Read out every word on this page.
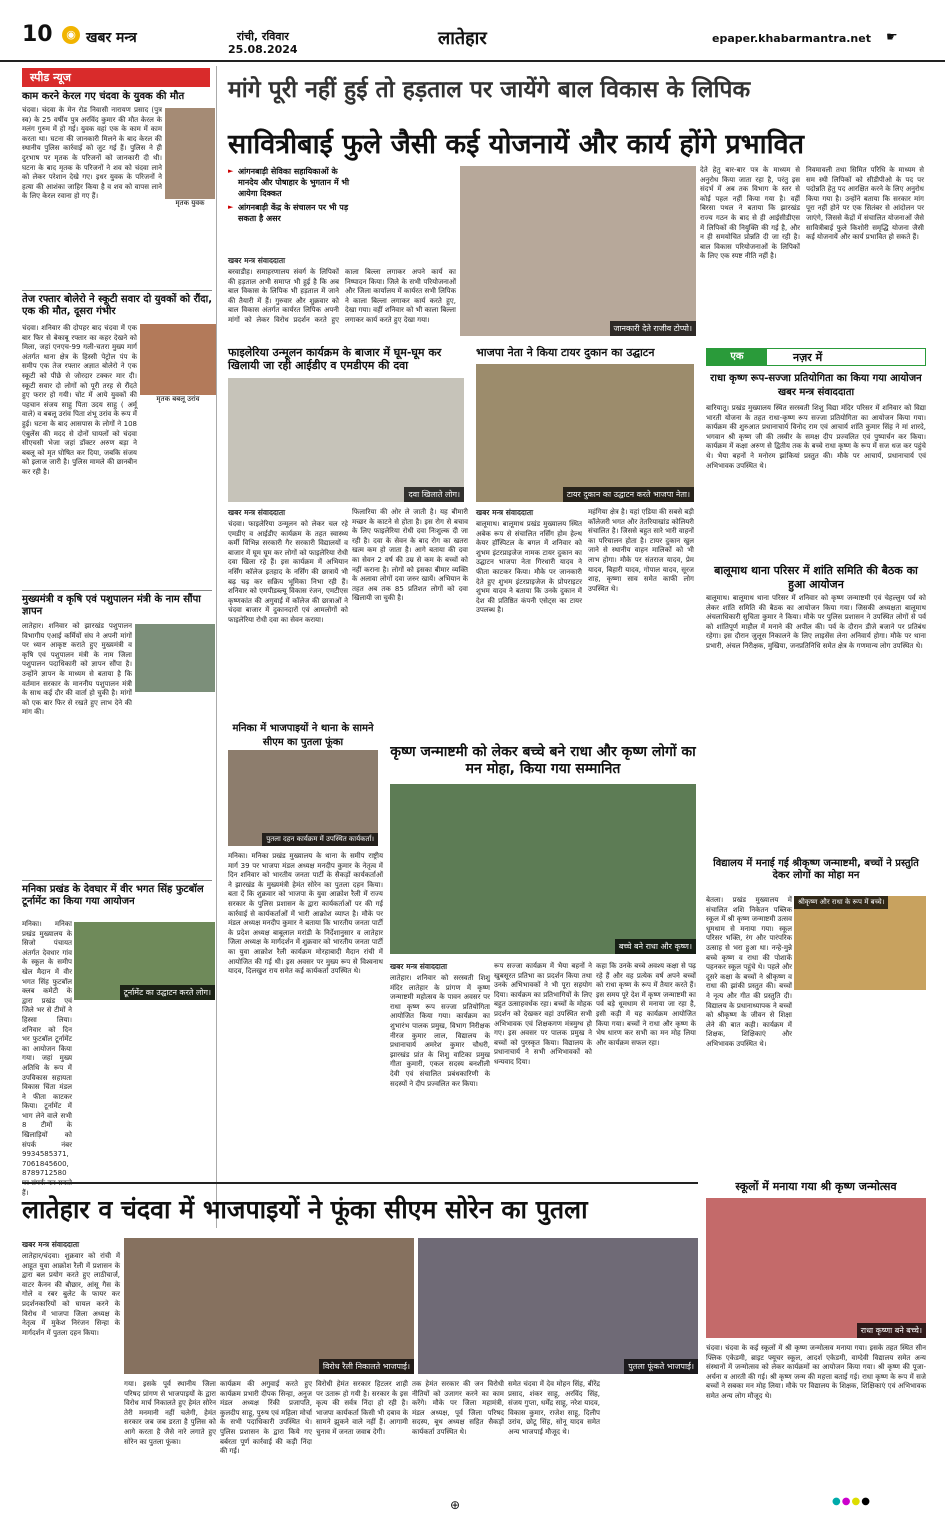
10	◉ खबर मन्त्र	रांची, रविवार
25.08.2024
लातेहार	epaper.khabarmantra.net ☛
स्पीड न्यूज
काम करने केरल गए चंदवा के युवक की मौत
चंदवा। चंदवा के मेन रोड निवासी नारायण प्रसाद (पुत्र स्व) के 25 वर्षीय पुत्र अरविंद कुमार की मौत केरल के मलंग गुरुम में हो गई। युवक वहां एक के काम में काम करता था। घटना की जानकारी मिलने के बाद केरल की स्थानीय पुलिस कार्रवाई को जुट गई हैं। पुलिस ने ही दुरभाष पर मृतक के परिजनों को जानकारी दी थी। घटना के बाद मृतक के परिजनों ने शव को चंदवा लाने को लेकर परेशान देखे गए। इधर युवक के परिजनों ने हत्या की आशंका जाहिर किया है व शव को वापस लाने के लिए केरल रवाना हो गए हैं।
मृतक युवक
तेज रफ्तार बोलेरो ने स्कूटी सवार दो युवकों को रौंदा, एक की मौत, दूसरा गंभीर
मृतक बबलू उरांव
चंदवा। शनिवार की दोपहर बाद चंदवा में एक बार फिर से बेकाबू रफ्तार का कहर देखने को मिला, जहां एनएच-99 गली-चतरा मुख्य मार्ग अंतर्गत थाना क्षेत्र के हिस्सी पेट्रोल पंप के समीप एक तेज रफ्तार अज्ञात बोलेरो ने एक स्कूटी को पीछे से जोरदार टक्कर मार दी। स्कूटी सवार दो लोगों को पूरी तरह से रौंदते हुए फरार हो गयी। चोट में आये युवकों की पहचान संजय साहु पिता उदय साहु ( अर्मू वाले) व बबलू उरांव पिता शंभू उरांव के रूप में हुई। घटना के बाद आसपास के लोगों ने 108 एंबुलेंस की मदद से दोनों घायलों को चंदवा सीएचसी भेजा जहां डॉक्टर अरुण बड़ा ने बबलू को मृत घोषित कर दिया, जबकि संजय को इलाज जारी है। पुलिस मामले की छानबीन कर रही है।
मुख्यमंत्री व कृषि एवं पशुपालन मंत्री के नाम सौंपा ज्ञापन
लातेहार। शनिवार को झारखंड पशुपालन विभागीय एआई कर्मियों संघ ने अपनी मांगों पर ध्यान आकृष्ट कराते हुए मुख्यमंत्री व कृषि एवं पशुपालन मंत्री के नाम जिला पशुपालन पदाधिकारी को ज्ञापन सौंपा है। उन्होंने ज्ञापन के माध्यम से बताया है कि वर्तमान सरकार के माननीय पशुपालन मंत्री के साथ कई दौर की वार्ता हो चुकी है। मांगों को एक बार फिर से रखते हुए लाभ देने की मांग की।
मनिका प्रखंड के देवघार में वीर भगत सिंह फुटबॉल टूर्नामेंट का किया गया आयोजन
मनिका। मनिका प्रखंड मुख्यालय के सिजो पंचायत अंतर्गत देवधार गांव के स्कूल के समीप खेल मैदान में वीर भगत सिंह फुटबॉल क्लब कमेटी के द्वारा प्रखंड एवं जिले भर से टीमों ने हिस्सा लिया। शनिवार को दिन भर फुटबॉल टूर्नामेंट का आयोजन किया गया। जहां मुख्य अतिथि के रूप में उपविकास सहायता विकास चिंता मंडल ने फीता काटकर किया। टूर्नामेंट में भाग लेने वाले सभी 8 टीमों के खिलाड़ियों को संपर्क नंबर 9934585371, 7061845600, 8789712580 पर संपर्क कर सकते हैं।
टूर्नामेंट का उद्घाटन करते लोग।
मांगे पूरी नहीं हुई तो हड़ताल पर जायेंगे बाल विकास के लिपिक
सावित्रीबाई फुले जैसी कई योजनायें और कार्य होंगे प्रभावित
► आंगनबाड़ी सेविका सहायिकाओं के मानदेय और पोषाहार के भुगतान में भी आयेगा दिक्कत
► आंगनबाड़ी केंद्र के संचालन पर भी पड़ सकता है असर
खबर मन्त्र संवाददाता
बरवाडीह। समाहरणालय संवर्ग के लिपिकों की हड़ताल अभी समाप्त भी हुई है कि अब बाल विकास के लिपिक भी हड़ताल में जाने की तैयारी में हैं। गुरुवार और शुक्रवार को बाल विकास अंतर्गत कार्यरत लिपिक अपनी मांगों को लेकर विरोध प्रदर्शन करते हुए काला बिल्ला लगाकर अपने कार्य का निष्पादन किया। जिले के सभी परियोजनाओं और जिला कार्यालय में कार्यरत सभी लिपिक ने काला बिल्ला लगाकर कार्य करते हुए, देखा गया। वहीं शनिवार को भी काला बिल्ला लगाकर कार्य करते हुए देखा गया।
जानकारी देते राजीव टोप्पो।
देते हेतु बार-बार पत्र के माध्यम से अनुरोध किया जाता रहा है, परंतु इस संदर्भ में अब तक विभाग के स्तर से कोई पहल नहीं किया गया है। वहीं बिरसा पथल ने बताया कि झारखंड राज्य गठन के बाद से ही आईसीडीएस में लिपिकों की नियुक्ति की गई है, और न ही समयोचित प्रोन्नति दी जा रही है। बाल विकास परियोजनाओं के लिपिकों के लिए एक स्पष्ट नीति नहीं है।
निवमावली तथा सिमित परिधि के माध्यम से सम स्थी लिपिकों को सीडीपीओ के पद पर पदोन्नति हेतु पद आरक्षित करने के लिए अनुरोध किया गया है। उन्होंने बताया कि सरकार मांग पूरा नहीं होने पर एक सितंबर से आंदोलन पर जाएंगे, जिससे केंद्रों में संचालित योजनाओं जैसे सावित्रीबाई फुले किशोरी समृद्धि योजना जैसी कई योजनायें और कार्य प्रभावित हो सकते हैं।
फाइलेरिया उन्मूलन कार्यक्रम के बाजार में घूम-घूम कर खिलायी जा रही आईडीए व एमडीएम की दवा
दवा खिलाते लोग।
खबर मन्त्र संवाददाता
चंदवा। फाइलेरिया उन्मूलन को लेकर चल रहे एमडीए व आईडीए कार्यक्रम के तहत स्वास्थ्य कर्मी विभिन्न सरकारी गैर सरकारी विद्यालयों व बाजार में घूम घूम कर लोगों को फाइलेरिया रोधी दवा खिला रहे हैं। इस कार्यक्रम में अभियान नर्सिंग कॉलेज इतहाद के नर्सिंग की छात्रायें भी बढ़ चढ़ कर सक्रिय भूमिका निभा रही हैं। शनिवार को एमपीडब्ल्यू विकास रंजन, एमटीएस कृष्णकांत की अगुवाई में कॉलेज की छात्राओं ने चंदवा बाजार में दुकानदारों एवं आमलोगों को फाइलेरिया रोधी दवा का सेवन कराया।
फिलारिया की ओर ले जाती है। यह बीमारी मच्छर के काटने से होता है। इस रोग से बचाव के लिए फाइलेरिया रोधी दवा निःशुल्क दी जा रही है। दवा के सेवन के बाद रोग का खतरा खत्म कम हो जाता है। आगे बताया की दवा का सेवन 2 वर्ष की उम्र से कम के बच्चों को नहीं कराना है। लोगों को इसका बीमार व्यक्ति के अलावा लोगों दवा जरुर खायें। अभियान के तहत अब तक 85 प्रतिशत लोगों को दवा खिलायी जा चुकी है।
भाजपा नेता ने किया टायर दुकान का उद्घाटन
टायर दुकान का उद्घाटन करते भाजपा नेता।
खबर मन्त्र संवाददाता
बालूमाथ। बालूमाथ प्रखंड मुख्यालय स्थित अबेक रूप से संचालित नर्सिंग होम हेल्थ केयर हॉस्पिटल के बगल में शनिवार को शुभम इंटरप्राइजेज नामक टायर दुकान का उद्घाटन भाजपा नेता गिरधारी यादव ने फीता काटकर किया। मौके पर जानकारी देते हुए शुभम इंटरप्राइजेज के प्रोपराइटर शुभम यादव ने बताया कि उनके दुकान में देश की प्रतिष्ठित कंपनी एसेट्स का टायर उपलब्ध है।
महंगिया क्षेत्र है। यहां एडिया की सबसे बड़ी कॉलेजरी भगत और तेतरियाखांड कोलियरी संचालित है। जिससे बहुत सारे भारी वाहनों का परिचालन होता है। टायर दुकान खुल जाने से स्थानीय वाहन मालिकों को भी लाभ होगा। मौके पर संतराज यादव, प्रेम यादव, बिहारी यादव, गोपाल यादव, सूरज शाह, कृष्णा साव समेत काफी लोग उपस्थित थे।
मनिका में भाजपाइयों ने थाना के सामने सीएम का पुतला फूंका
पुतला दहन कार्यक्रम में उपस्थित कार्यकर्ता।
मनिका। मनिका प्रखंड मुख्यालय के थाना के समीप राष्ट्रीय मार्ग 39 पर भाजपा मंडल अध्यक्ष मनदीप कुमार के नेतृत्व में दिन शनिवार को भारतीय जनता पार्टी के सैकड़ों कार्यकर्ताओं ने झारखंड के मुख्यमंत्री हेमंत सोरेन का पुतला दहन किया। बता दें कि शुक्रवार को भाजपा के युवा आक्रोश रैली में राज्य सरकार के पुलिस प्रशासन के द्वारा कार्यकर्ताओं पर की गई कार्रवाई से कार्यकर्ताओं में भारी आक्रोश व्याप्त है। मौके पर मंडल अध्यक्ष मनदीप कुमार ने बताया कि भारतीय जनता पार्टी के प्रदेश अध्यक्ष बाबूलाल मरांडी के निर्देशानुसार व लातेहार जिला अध्यक्ष के मार्गदर्शन में शुक्रवार को भारतीय जनता पार्टी का युवा आक्रोश रैली कार्यक्रम मोरहाबादी मैदान रांची में आयोजित की गई थी। इस अवसर पर मुख्य रूप से विश्वनाथ यादव, दिलखुश राय समेत कई कार्यकर्ता उपस्थित थे।
कृष्ण जन्माष्टमी को लेकर बच्चे बने राधा और कृष्ण लोगों का मन मोहा, किया गया सम्मानित
बच्चे बने राधा और कृष्ण।
खबर मन्त्र संवाददाता
लातेहार। शनिवार को सरस्वती शिशु मंदिर लातेहार के प्रांगण में कृष्ण जन्माष्टमी महोत्सव के पावन अवसर पर राधा कृष्ण रूप सज्जा प्रतियोगिता आयोजित किया गया। कार्यक्रम का शुभारंभ पालक प्रमुख, विभाग निरीक्षक नीरज कुमार लाल, विद्यालय के प्रधानाचार्य अमरेश कुमार चौधरी, झारखंड प्रांत के शिशु वाटिका प्रमुख गीता कुमारी, एकल सदस्य बनशीली देवी एवं संचालित प्रबंधकारिणी के सदस्यों ने दीप प्रज्वलित कर किया।
रूप सज्जा कार्यक्रम में भैया बहनों ने खुबसूरत प्रतिभा का प्रदर्शन किया तथा उनके अभिभावकों ने भी पूरा सहयोग दिया। कार्यक्रम का प्रतिभागियों के लिए बहुत उत्साहवर्धक रहा। बच्चों के मोहक प्रदर्शन को देखकर वहां उपस्थित सभी अभिभावक एवं शिक्षकगण मंत्रमुग्ध हो गए। इस अवसर पर पालक प्रमुख ने बच्चों को पुरस्कृत किया। विद्यालय के प्रधानाचार्य ने सभी अभिभावकों को धन्यवाद दिया।
कहा कि उनके बच्चे अवश्य कक्षा से पढ़ रहे हैं और वह प्रत्येक वर्ष अपने बच्चों को राधा कृष्ण के रूप में तैयार करते हैं। इस समय पूरे देश में कृष्ण जन्माष्टमी का पर्व बड़े धूमधाम से मनाया जा रहा है, इसी कड़ी में यह कार्यक्रम आयोजित किया गया। बच्चों ने राधा और कृष्ण के भेष धारण कर सभी का मन मोह लिया और कार्यक्रम सफल रहा।
एक	नज़र में
राधा कृष्ण रूप-सज्जा प्रतियोगिता का किया गया आयोजन खबर मन्त्र संवाददाता
बारियातू। प्रखंड मुख्यालय स्थित सरस्वती शिशु विद्या मंदिर परिसर में शनिवार को विद्या भारती योजना के तहत राधा-कृष्ण रूप सज्जा प्रतियोगिता का आयोजन किया गया। कार्यक्रम की शुरुआत प्रधानाचार्य विनोद राम एवं आचार्य शांति कुमार सिंह ने मां शारदे, भगवान श्री कृष्ण जी की तस्वीर के समक्ष दीप प्रज्वलित एवं पुष्पार्चन कर किया। कार्यक्रम में कक्षा अरुण से द्वितीय तक के बच्चे राधा कृष्ण के रूप में सज धज कर पहुंचे थे। भैया बहनों ने मनोरम झांकियां प्रस्तुत की। मौके पर आचार्य, प्रधानाचार्य एवं अभिभावक उपस्थित थे।
बालूमाथ थाना परिसर में शांति समिति की बैठक का हुआ आयोजन
बालूमाथ। बालूमाथ थाना परिसर में शनिवार को कृष्ण जन्माष्टमी एवं चेहल्लुम पर्व को लेकर शांति समिति की बैठक का आयोजन किया गया। जिसकी अध्यक्षता बालूमाथ अंचलाधिकारी सुचिता कुमार ने किया। मौके पर पुलिस प्रशासन ने उपस्थित लोगों से पर्व को शांतिपूर्ण माहौल में मनाने की अपील की। पर्व के दौरान डीजे बजाने पर प्रतिबंध रहेगा। इस दौरान जुलूस निकालने के लिए लाइसेंस लेना अनिवार्य होगा। मौके पर थाना प्रभारी, अंचल निरीक्षक, मुखिया, जनप्रतिनिधि समेत क्षेत्र के गणमान्य लोग उपस्थित थे।
विद्यालय में मनाई गई श्रीकृष्ण जन्माष्टमी, बच्चों ने प्रस्तुति देकर लोगों का मोहा मन
बेतला। प्रखंड मुख्यालय में संचालित शशि निकेतन पब्लिक स्कूल में श्री कृष्ण जन्माष्टमी उत्सव धूमधाम से मनाया गया। स्कूल परिसर भक्ति, रंग और पारंपरिक उत्साह से भरा हुआ था। नन्हे-मुन्ने बच्चे कृष्ण व राधा की पोशाकें पहनकर स्कूल पहुंचे थे। पहले और दूसरे कक्षा के बच्चों ने श्रीकृष्ण व राधा की झांकी प्रस्तुत की। बच्चों ने नृत्य और गीत की प्रस्तुति दी। विद्यालय के प्रधानाध्यापक ने बच्चों को श्रीकृष्ण के जीवन से शिक्षा लेने की बात कही। कार्यक्रम में शिक्षक, शिक्षिकाएं और अभिभावक उपस्थित थे।
श्रीकृष्ण और राधा के रूप में बच्चे।
स्कूलों में मनाया गया श्री कृष्ण जन्मोत्सव
राधा कृष्णा बने बच्चे।
चंदवा। चंदवा के कई स्कूलों में श्री कृष्ण जन्मोत्सव मनाया गया। इसके तहत स्थित सीन फ्लिक एकेडमी, ब्राइट फ्यूचर स्कूल, आदर्श एकेडमी, वाग्देवी विद्यालय समेत अन्य संस्थानों में जन्मोत्सव को लेकर कार्यक्रमों का आयोजन किया गया। श्री कृष्ण की पूजा-अर्चना व आरती की गई। श्री कृष्ण जन्म की महत्ता बताई गई। राधा कृष्ण के रूप में सजे बच्चों ने सबका मन मोह लिया। मौके पर विद्यालय के शिक्षक, शिक्षिकाएं एवं अभिभावक समेत अन्य लोग मौजूद थे।
लातेहार व चंदवा में भाजपाइयों ने फूंका सीएम सोरेन का पुतला
खबर मन्त्र संवाददाता
लातेहार/चंदवा। शुक्रवार को रांची में आहूत युवा आक्रोश रैली में प्रशासन के द्वारा बल प्रयोग करते हुए लाठीचार्ज, वाटर कैनन की बौछार, आंसू गैस के गोले व रबर बुलेट के फायर कर प्रदर्शनकारियों को घायल करने के विरोध में भाजपा जिला अध्यक्ष के नेतृत्व में मुकेश निरंजन सिन्हा के मार्गदर्शन में पुतला दहन किया।
विरोध रैली निकालते भाजपाई।	पुतला फूंकते भाजपाई।
गया। इसके पूर्व स्थानीय जिला परिषद प्रांगण से भाजपाइयों के द्वारा विरोध मार्च निकालते हुए हेमंत सोरेन तेरी मनमानी नहीं चलेगी, हेमंत सरकार जब जब डरता है पुलिस को आगे करता है जैसे नारे लगाते हुए सोरेन का पुतला फूंका।
कार्यक्रम की अगुवाई करते हुए कार्यक्रम प्रभारी दीपक सिन्हा, अनुज मंडल अध्यक्ष रिंकी प्रजापति, कुलदीप साहू, पुरुष एवं महिला मोर्चा के सभी पदाधिकारी उपस्थित थे। पुलिस प्रशासन के द्वारा किये गए बर्बरता पूर्ण कार्रवाई की कड़ी निंदा की गई।
विरोधी हेमंत सरकार हिटलर शाही पर उतारू हो गयी है। सरकार के इस कृत्य की सर्वत्र निंदा हो रही है। भाजपा कार्यकर्ता किसी भी दबाव के सामने झुकने वाले नहीं हैं। आगामी चुनाव में जनता जवाब देगी।
तक हेमंत सरकार की जन विरोधी नीतियों को उजागर करने का काम करेंगे। मौके पर जिला महामंत्री, मंडल अध्यक्ष, पूर्व जिला परिषद सदस्य, बूथ अध्यक्ष सहित सैकड़ों कार्यकर्ता उपस्थित थे।
समेत चंदवा में देव मोहन सिंह, बीरेंद्र प्रसाद, शंकर साहू, अरविंद सिंह, संजय गुप्ता, धर्मेंद्र साहू, नरेश यादव, विकास कुमार, राजेश साहू, दिलीप उरांव, छोटू सिंह, सोनू यादव समेत अन्य भाजपाई मौजूद थे।
⊕	●●●●
